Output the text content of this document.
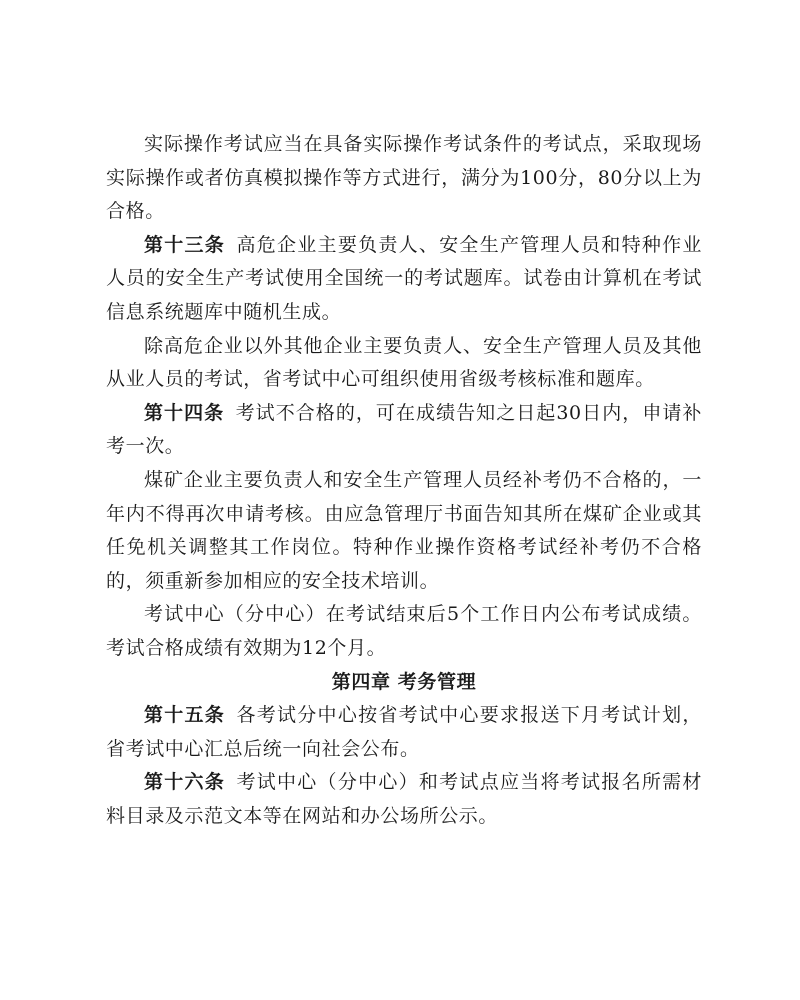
实际操作考试应当在具备实际操作考试条件的考试点，采取现场实际操作或者仿真模拟操作等方式进行，满分为100分，80分以上为合格。

第十三条 高危企业主要负责人、安全生产管理人员和特种作业人员的安全生产考试使用全国统一的考试题库。试卷由计算机在考试信息系统题库中随机生成。

除高危企业以外其他企业主要负责人、安全生产管理人员及其他从业人员的考试，省考试中心可组织使用省级考核标准和题库。

第十四条 考试不合格的，可在成绩告知之日起30日内，申请补考一次。

煤矿企业主要负责人和安全生产管理人员经补考仍不合格的，一年内不得再次申请考核。由应急管理厅书面告知其所在煤矿企业或其任免机关调整其工作岗位。特种作业操作资格考试经补考仍不合格的，须重新参加相应的安全技术培训。

考试中心（分中心）在考试结束后5个工作日内公布考试成绩。考试合格成绩有效期为12个月。

第四章 考务管理

第十五条 各考试分中心按省考试中心要求报送下月考试计划，省考试中心汇总后统一向社会公布。

第十六条 考试中心（分中心）和考试点应当将考试报名所需材料目录及示范文本等在网站和办公场所公示。
